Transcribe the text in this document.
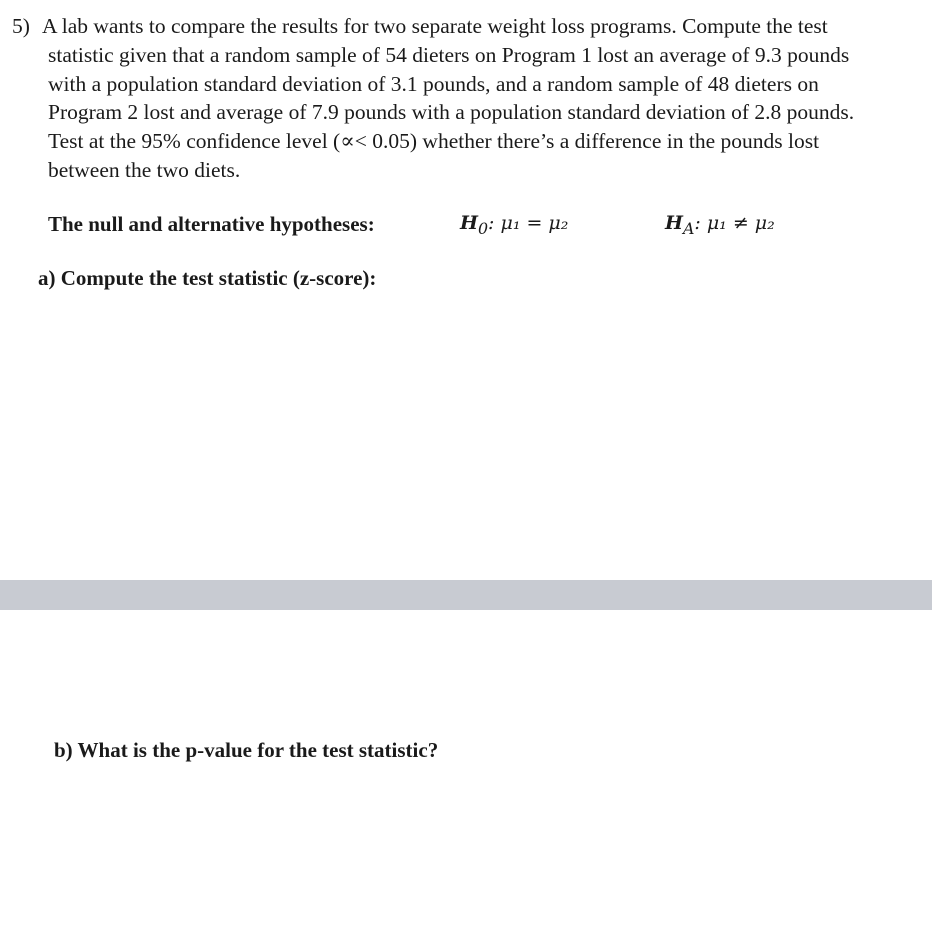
5) A lab wants to compare the results for two separate weight loss programs. Compute the test
statistic given that a random sample of 54 dieters on Program 1 lost an average of 9.3 pounds
with a population standard deviation of 3.1 pounds, and a random sample of 48 dieters on
Program 2 lost and average of 7.9 pounds with a population standard deviation of 2.8 pounds.
Test at the 95% confidence level (∝< 0.05) whether there’s a difference in the pounds lost
between the two diets.
The null and alternative hypotheses:	$H_0$: μ₁ = μ₂	$H_A$: μ₁ ≠ μ₂
a) Compute the test statistic (z-score):
b) What is the p-value for the test statistic?
